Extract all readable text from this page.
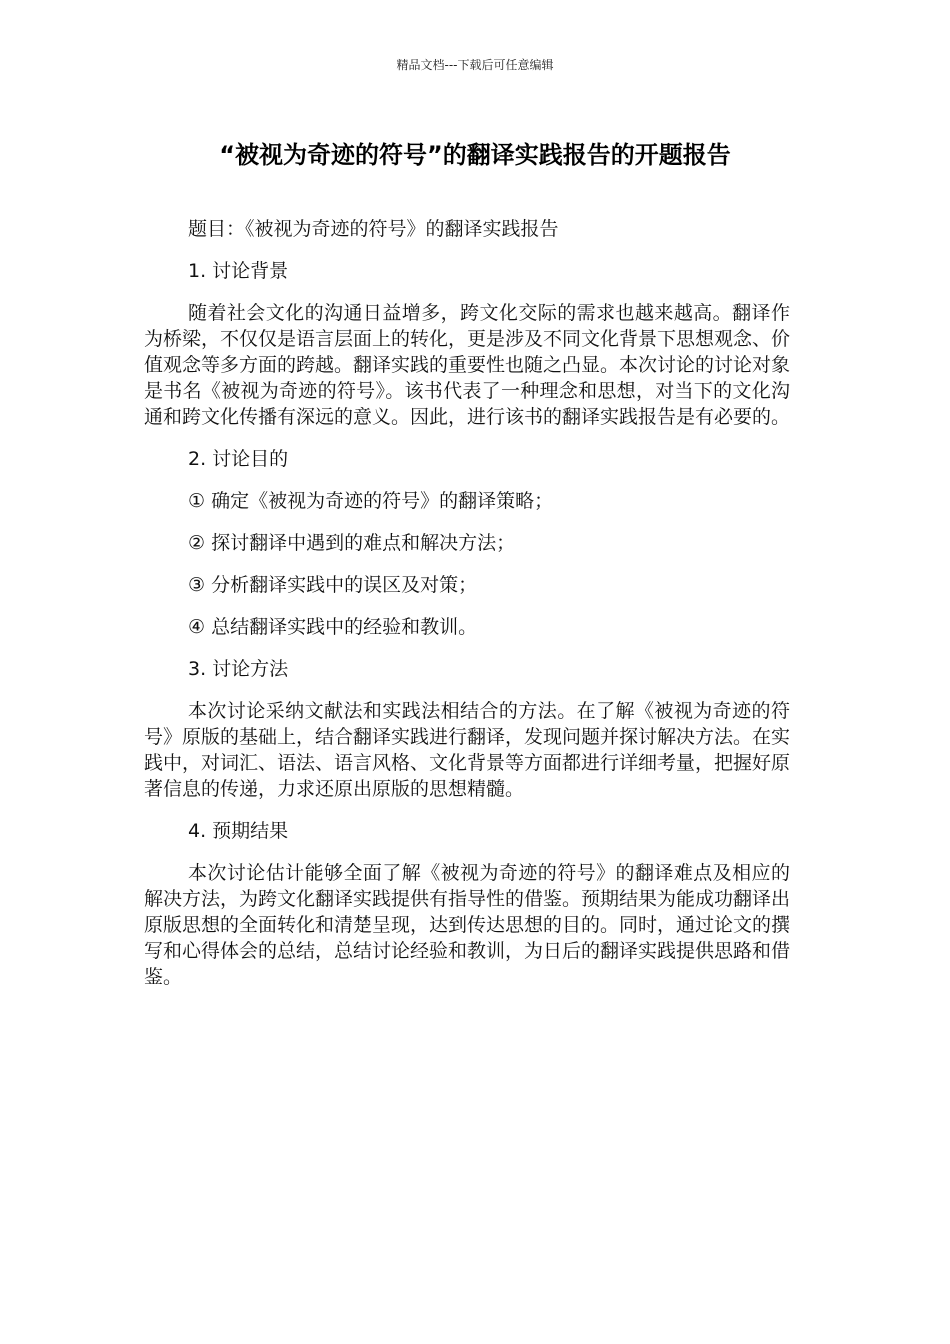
精品文档---下载后可任意编辑
“被视为奇迹的符号”的翻译实践报告的开题报告

题目：《被视为奇迹的符号》的翻译实践报告

1. 讨论背景

随着社会文化的沟通日益增多，跨文化交际的需求也越来越高。翻译作为桥梁，不仅仅是语言层面上的转化，更是涉及不同文化背景下思想观念、价值观念等多方面的跨越。翻译实践的重要性也随之凸显。本次讨论的讨论对象是书名《被视为奇迹的符号》。该书代表了一种理念和思想，对当下的文化沟通和跨文化传播有深远的意义。因此，进行该书的翻译实践报告是有必要的。

2. 讨论目的

① 确定《被视为奇迹的符号》的翻译策略；

② 探讨翻译中遇到的难点和解决方法；

③ 分析翻译实践中的误区及对策；

④ 总结翻译实践中的经验和教训。

3. 讨论方法

本次讨论采纳文献法和实践法相结合的方法。在了解《被视为奇迹的符号》原版的基础上，结合翻译实践进行翻译，发现问题并探讨解决方法。在实践中，对词汇、语法、语言风格、文化背景等方面都进行详细考量，把握好原著信息的传递，力求还原出原版的思想精髓。

4. 预期结果

本次讨论估计能够全面了解《被视为奇迹的符号》的翻译难点及相应的解决方法，为跨文化翻译实践提供有指导性的借鉴。预期结果为能成功翻译出原版思想的全面转化和清楚呈现，达到传达思想的目的。同时，通过论文的撰写和心得体会的总结，总结讨论经验和教训，为日后的翻译实践提供思路和借鉴。
